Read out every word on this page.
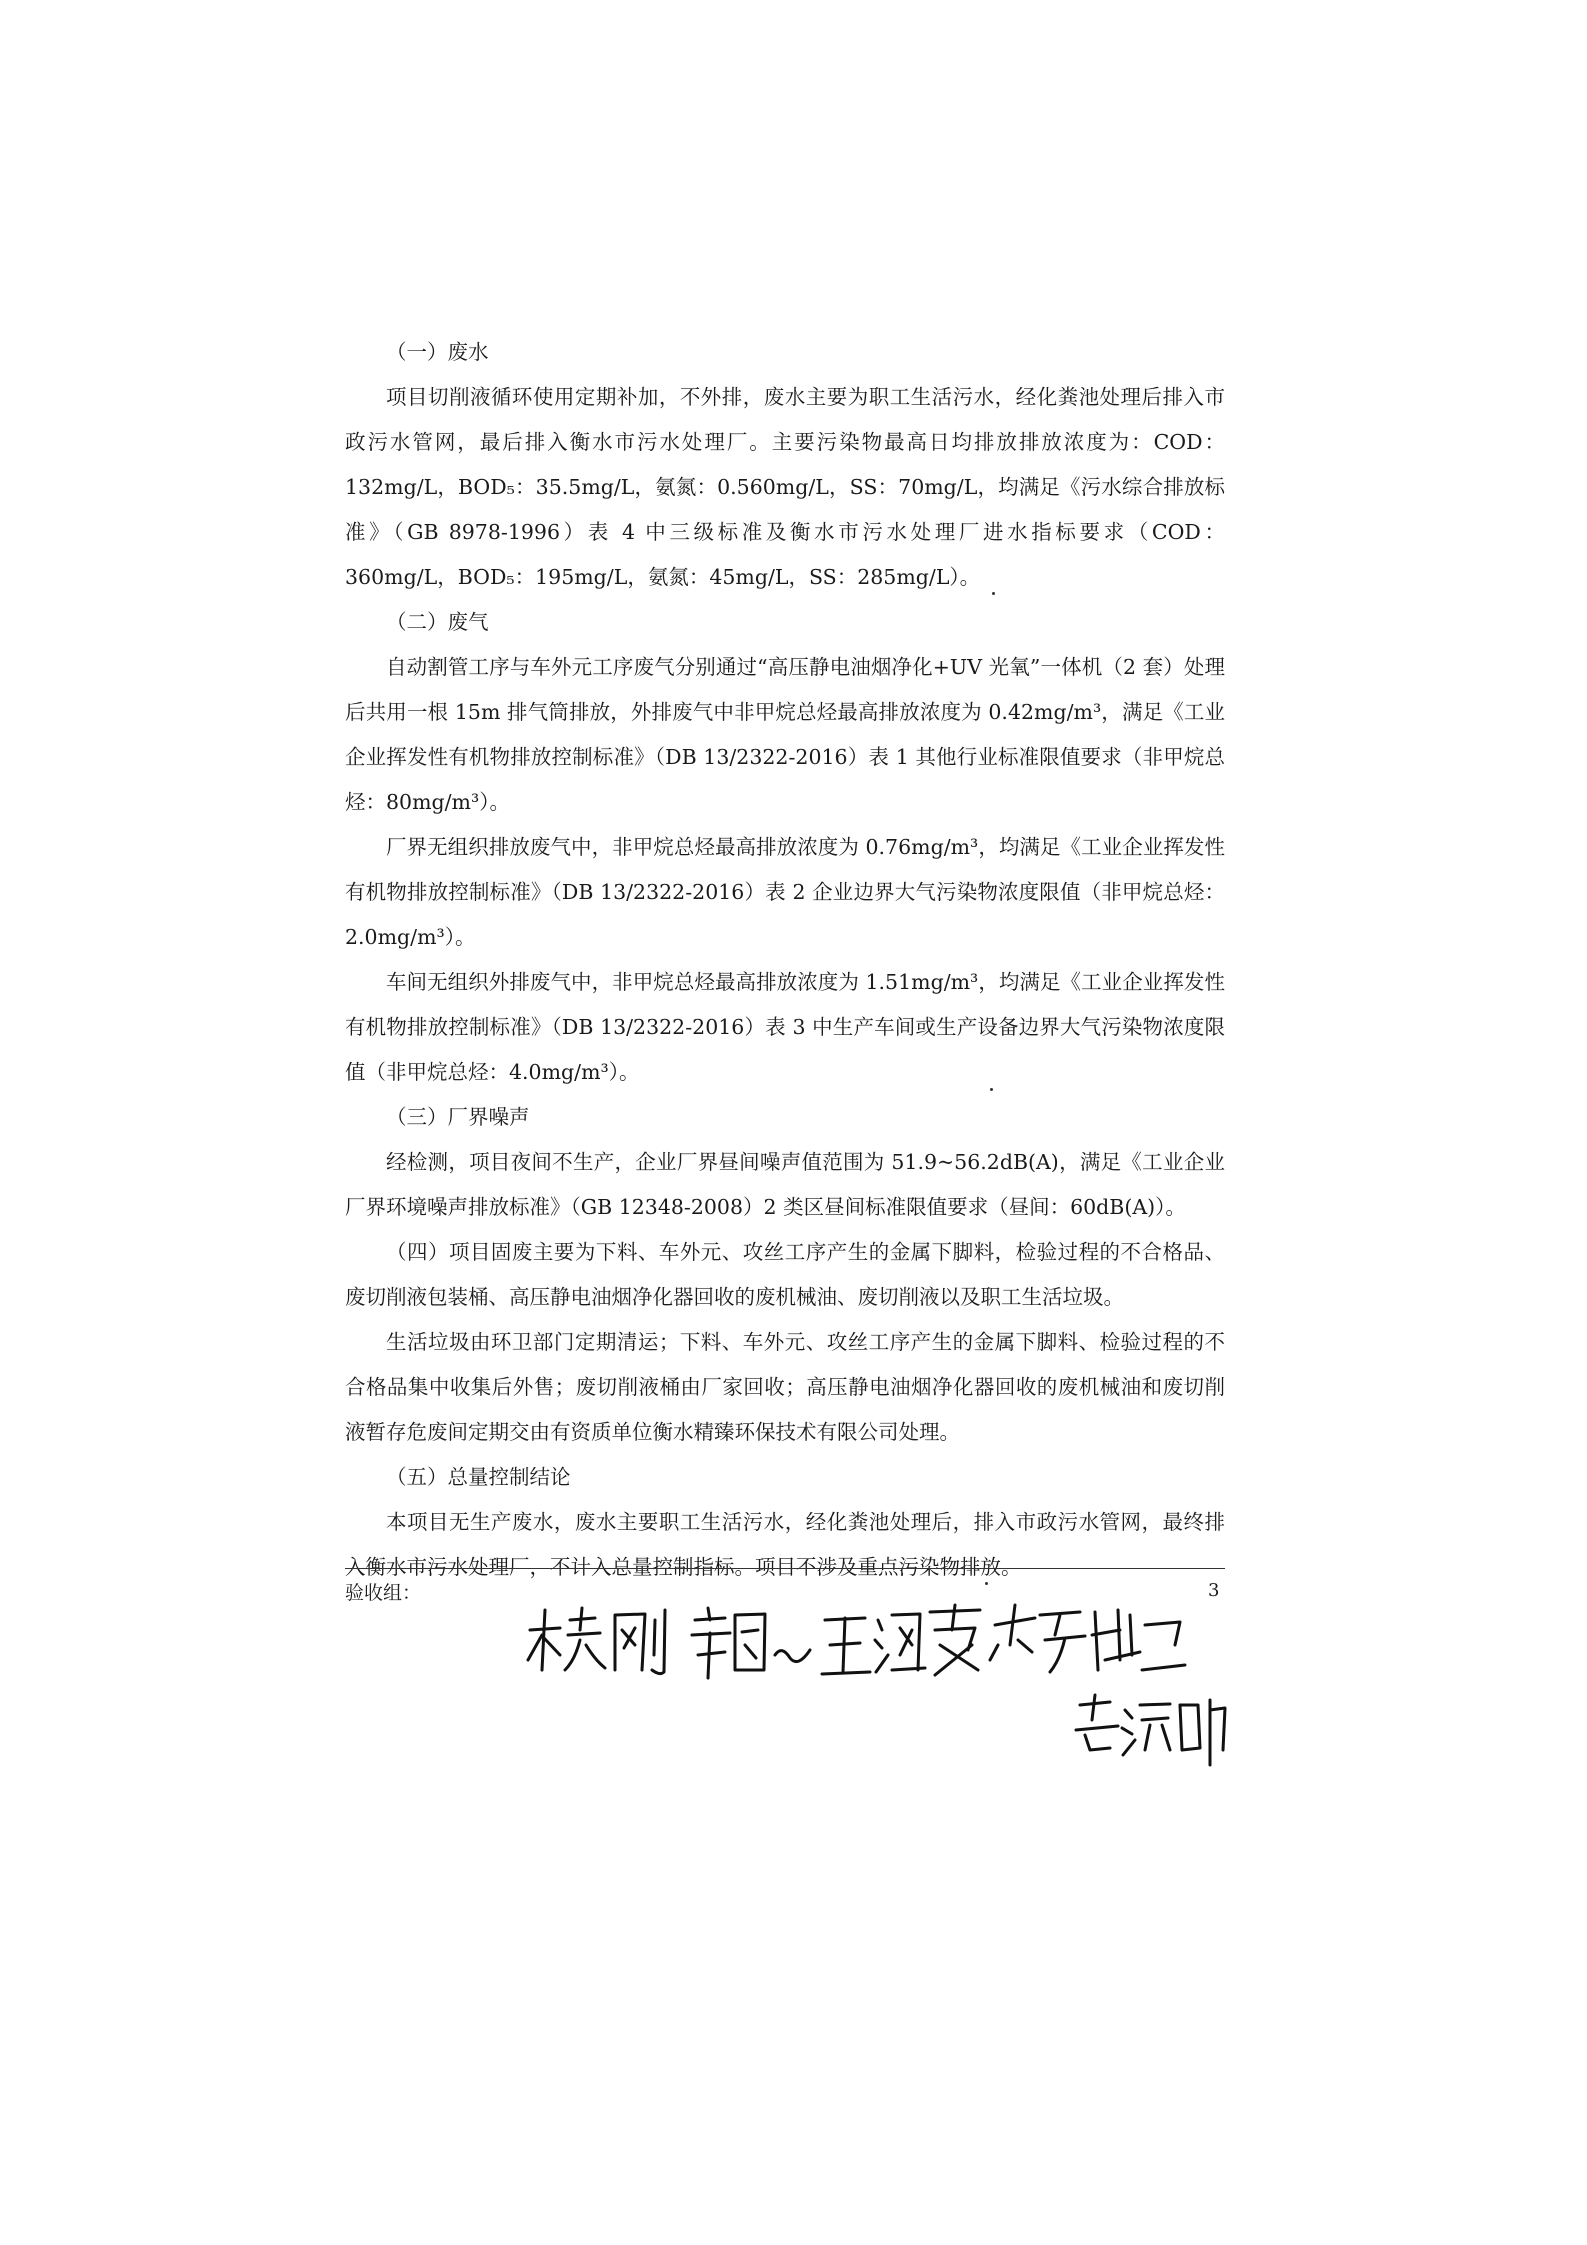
（一）废水

项目切削液循环使用定期补加，不外排，废水主要为职工生活污水，经化粪池处理后排入市政污水管网，最后排入衡水市污水处理厂。主要污染物最高日均排放排放浓度为：COD：132mg/L，BOD₅：35.5mg/L，氨氮：0.560mg/L，SS：70mg/L，均满足《污水综合排放标准》（GB 8978-1996）表 4 中三级标准及衡水市污水处理厂进水指标要求（COD：360mg/L，BOD₅：195mg/L，氨氮：45mg/L，SS：285mg/L）。

（二）废气

自动割管工序与车外元工序废气分别通过“高压静电油烟净化+UV 光氧”一体机（2 套）处理后共用一根 15m 排气筒排放，外排废气中非甲烷总烃最高排放浓度为 0.42mg/m³，满足《工业企业挥发性有机物排放控制标准》（DB 13/2322-2016）表 1 其他行业标准限值要求（非甲烷总烃：80mg/m³）。

厂界无组织排放废气中，非甲烷总烃最高排放浓度为 0.76mg/m³，均满足《工业企业挥发性有机物排放控制标准》（DB 13/2322-2016）表 2 企业边界大气污染物浓度限值（非甲烷总烃：2.0mg/m³）。

车间无组织外排废气中，非甲烷总烃最高排放浓度为 1.51mg/m³，均满足《工业企业挥发性有机物排放控制标准》（DB 13/2322-2016）表 3 中生产车间或生产设备边界大气污染物浓度限值（非甲烷总烃：4.0mg/m³）。

（三）厂界噪声

经检测，项目夜间不生产，企业厂界昼间噪声值范围为 51.9~56.2dB(A)，满足《工业企业厂界环境噪声排放标准》（GB 12348-2008）2 类区昼间标准限值要求（昼间：60dB(A)）。

（四）项目固废主要为下料、车外元、攻丝工序产生的金属下脚料，检验过程的不合格品、废切削液包装桶、高压静电油烟净化器回收的废机械油、废切削液以及职工生活垃圾。

生活垃圾由环卫部门定期清运；下料、车外元、攻丝工序产生的金属下脚料、检验过程的不合格品集中收集后外售；废切削液桶由厂家回收；高压静电油烟净化器回收的废机械油和废切削液暂存危废间定期交由有资质单位衡水精臻环保技术有限公司处理。

（五）总量控制结论

本项目无生产废水，废水主要职工生活污水，经化粪池处理后，排入市政污水管网，最终排入衡水市污水处理厂，不计入总量控制指标。项目不涉及重点污染物排放。

验收组：	3
